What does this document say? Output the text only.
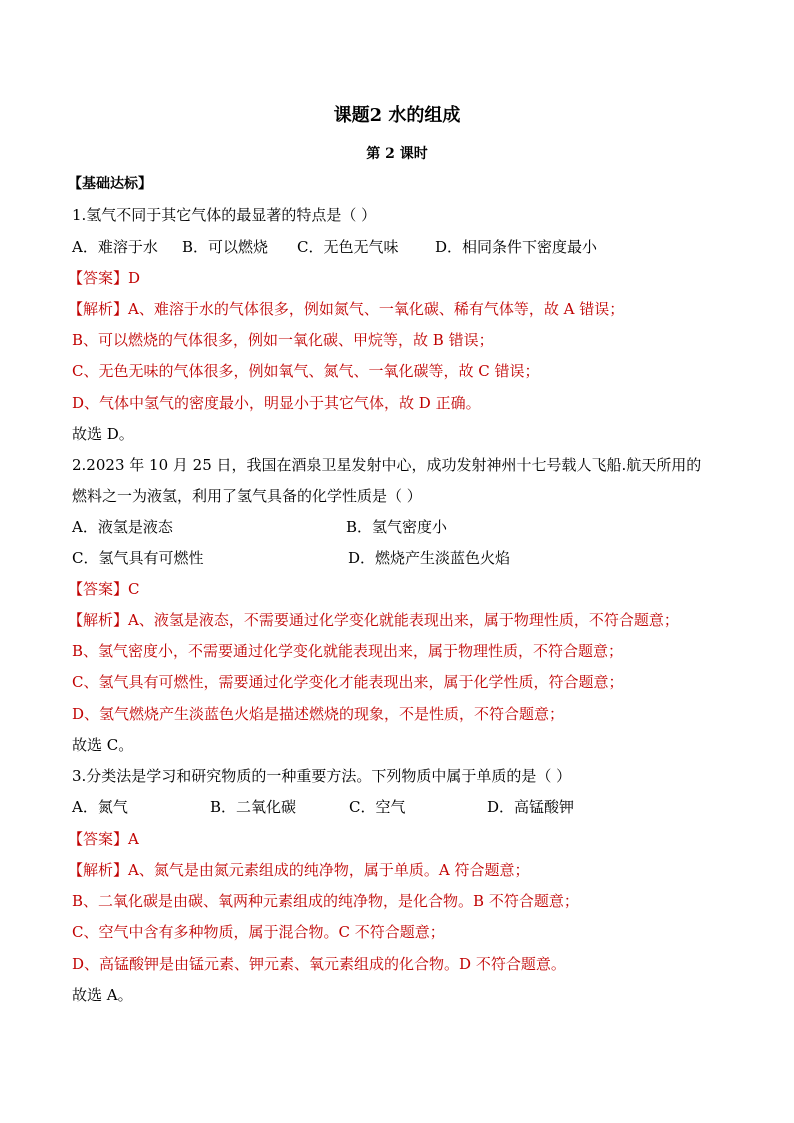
课题2 水的组成
第 2 课时
【基础达标】
1.氢气不同于其它气体的最显著的特点是（ ）
A．难溶于水 B．可以燃烧 C．无色无气味 D．相同条件下密度最小
【答案】D
【解析】A、难溶于水的气体很多，例如氮气、一氧化碳、稀有气体等，故 A 错误；
B、可以燃烧的气体很多，例如一氧化碳、甲烷等，故 B 错误；
C、无色无味的气体很多，例如氧气、氮气、一氧化碳等，故 C 错误；
D、气体中氢气的密度最小，明显小于其它气体，故 D 正确。
故选 D。
2.2023 年 10 月 25 日，我国在酒泉卫星发射中心，成功发射神州十七号载人飞船.航天所用的
燃料之一为液氢，利用了氢气具备的化学性质是（ ）
A．液氢是液态	B．氢气密度小
C．氢气具有可燃性	D．燃烧产生淡蓝色火焰
【答案】C
【解析】A、液氢是液态，不需要通过化学变化就能表现出来，属于物理性质，不符合题意；
B、氢气密度小，不需要通过化学变化就能表现出来，属于物理性质，不符合题意；
C、氢气具有可燃性，需要通过化学变化才能表现出来，属于化学性质，符合题意；
D、氢气燃烧产生淡蓝色火焰是描述燃烧的现象，不是性质，不符合题意；
故选 C。
3.分类法是学习和研究物质的一种重要方法。下列物质中属于单质的是（ ）
A．氮气	B．二氧化碳	C．空气	D．高锰酸钾
【答案】A
【解析】A、氮气是由氮元素组成的纯净物，属于单质。A 符合题意；
B、二氧化碳是由碳、氧两种元素组成的纯净物，是化合物。B 不符合题意；
C、空气中含有多种物质，属于混合物。C 不符合题意；
D、高锰酸钾是由锰元素、钾元素、氧元素组成的化合物。D 不符合题意。
故选 A。
